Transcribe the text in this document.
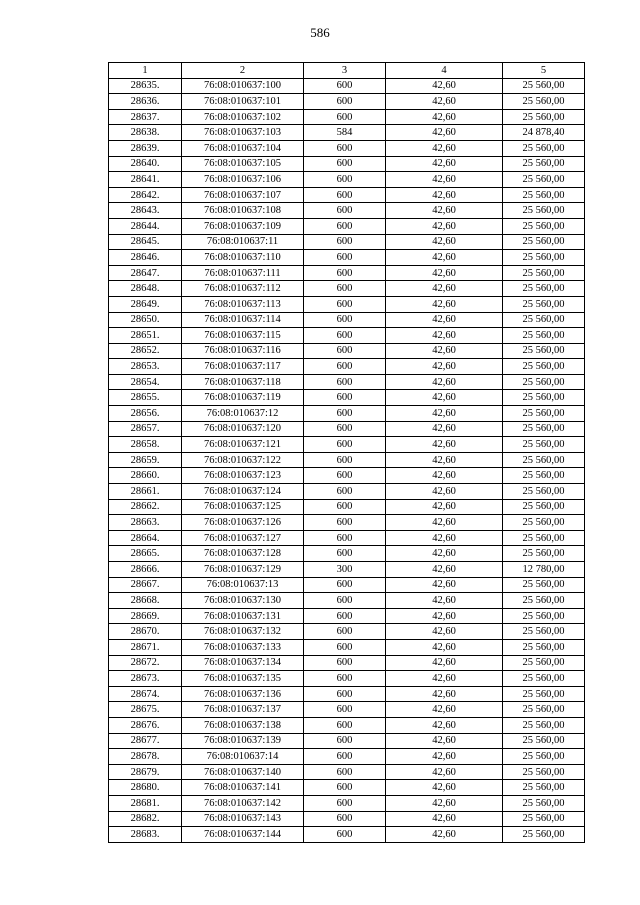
586
1	2	3	4	5
28635.	76:08:010637:100	600	42,60	25 560,00
28636.	76:08:010637:101	600	42,60	25 560,00
28637.	76:08:010637:102	600	42,60	25 560,00
28638.	76:08:010637:103	584	42,60	24 878,40
28639.	76:08:010637:104	600	42,60	25 560,00
28640.	76:08:010637:105	600	42,60	25 560,00
28641.	76:08:010637:106	600	42,60	25 560,00
28642.	76:08:010637:107	600	42,60	25 560,00
28643.	76:08:010637:108	600	42,60	25 560,00
28644.	76:08:010637:109	600	42,60	25 560,00
28645.	76:08:010637:11	600	42,60	25 560,00
28646.	76:08:010637:110	600	42,60	25 560,00
28647.	76:08:010637:111	600	42,60	25 560,00
28648.	76:08:010637:112	600	42,60	25 560,00
28649.	76:08:010637:113	600	42,60	25 560,00
28650.	76:08:010637:114	600	42,60	25 560,00
28651.	76:08:010637:115	600	42,60	25 560,00
28652.	76:08:010637:116	600	42,60	25 560,00
28653.	76:08:010637:117	600	42,60	25 560,00
28654.	76:08:010637:118	600	42,60	25 560,00
28655.	76:08:010637:119	600	42,60	25 560,00
28656.	76:08:010637:12	600	42,60	25 560,00
28657.	76:08:010637:120	600	42,60	25 560,00
28658.	76:08:010637:121	600	42,60	25 560,00
28659.	76:08:010637:122	600	42,60	25 560,00
28660.	76:08:010637:123	600	42,60	25 560,00
28661.	76:08:010637:124	600	42,60	25 560,00
28662.	76:08:010637:125	600	42,60	25 560,00
28663.	76:08:010637:126	600	42,60	25 560,00
28664.	76:08:010637:127	600	42,60	25 560,00
28665.	76:08:010637:128	600	42,60	25 560,00
28666.	76:08:010637:129	300	42,60	12 780,00
28667.	76:08:010637:13	600	42,60	25 560,00
28668.	76:08:010637:130	600	42,60	25 560,00
28669.	76:08:010637:131	600	42,60	25 560,00
28670.	76:08:010637:132	600	42,60	25 560,00
28671.	76:08:010637:133	600	42,60	25 560,00
28672.	76:08:010637:134	600	42,60	25 560,00
28673.	76:08:010637:135	600	42,60	25 560,00
28674.	76:08:010637:136	600	42,60	25 560,00
28675.	76:08:010637:137	600	42,60	25 560,00
28676.	76:08:010637:138	600	42,60	25 560,00
28677.	76:08:010637:139	600	42,60	25 560,00
28678.	76:08:010637:14	600	42,60	25 560,00
28679.	76:08:010637:140	600	42,60	25 560,00
28680.	76:08:010637:141	600	42,60	25 560,00
28681.	76:08:010637:142	600	42,60	25 560,00
28682.	76:08:010637:143	600	42,60	25 560,00
28683.	76:08:010637:144	600	42,60	25 560,00
